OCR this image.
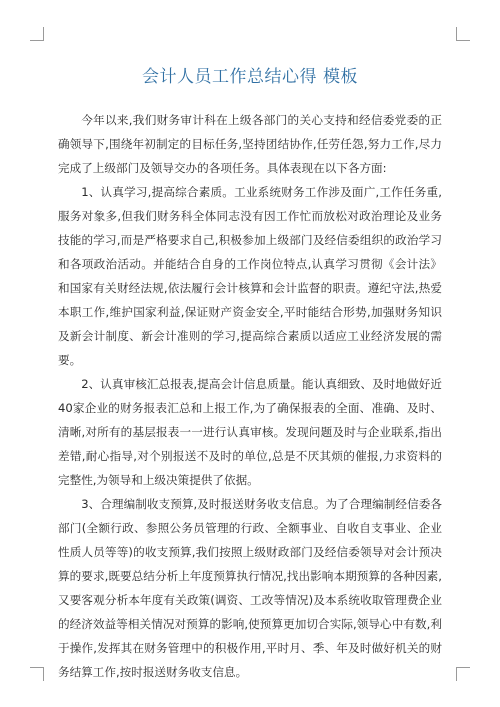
会计人员工作总结心得 模板

今年以来,我们财务审计科在上级各部门的关心支持和经信委党委的正确领导下,围绕年初制定的目标任务,坚持团结协作,任劳任怨,努力工作,尽力完成了上级部门及领导交办的各项任务。具体表现在以下各方面:

1、认真学习,提高综合素质。工业系统财务工作涉及面广,工作任务重,服务对象多,但我们财务科全体同志没有因工作忙而放松对政治理论及业务技能的学习,而是严格要求自己,积极参加上级部门及经信委组织的政治学习和各项政治活动。并能结合自身的工作岗位特点,认真学习贯彻《会计法》和国家有关财经法规,依法履行会计核算和会计监督的职责。遵纪守法,热爱本职工作,维护国家利益,保证财产资金安全,平时能结合形势,加强财务知识及新会计制度、新会计准则的学习,提高综合素质以适应工业经济发展的需要。

2、认真审核汇总报表,提高会计信息质量。能认真细致、及时地做好近40家企业的财务报表汇总和上报工作,为了确保报表的全面、准确、及时、清晰,对所有的基层报表一一进行认真审核。发现问题及时与企业联系,指出差错,耐心指导,对个别报送不及时的单位,总是不厌其烦的催报,力求资料的完整性,为领导和上级决策提供了依据。

3、合理编制收支预算,及时报送财务收支信息。为了合理编制经信委各部门(全额行政、参照公务员管理的行政、全额事业、自收自支事业、企业性质人员等等)的收支预算,我们按照上级财政部门及经信委领导对会计预决算的要求,既要总结分析上年度预算执行情况,找出影响本期预算的各种因素,又要客观分析本年度有关政策(调资、工改等情况)及本系统收取管理费企业的经济效益等相关情况对预算的影响,使预算更加切合实际,领导心中有数,利于操作,发挥其在财务管理中的积极作用,平时月、季、年及时做好机关的财务结算工作,按时报送财务收支信息。
